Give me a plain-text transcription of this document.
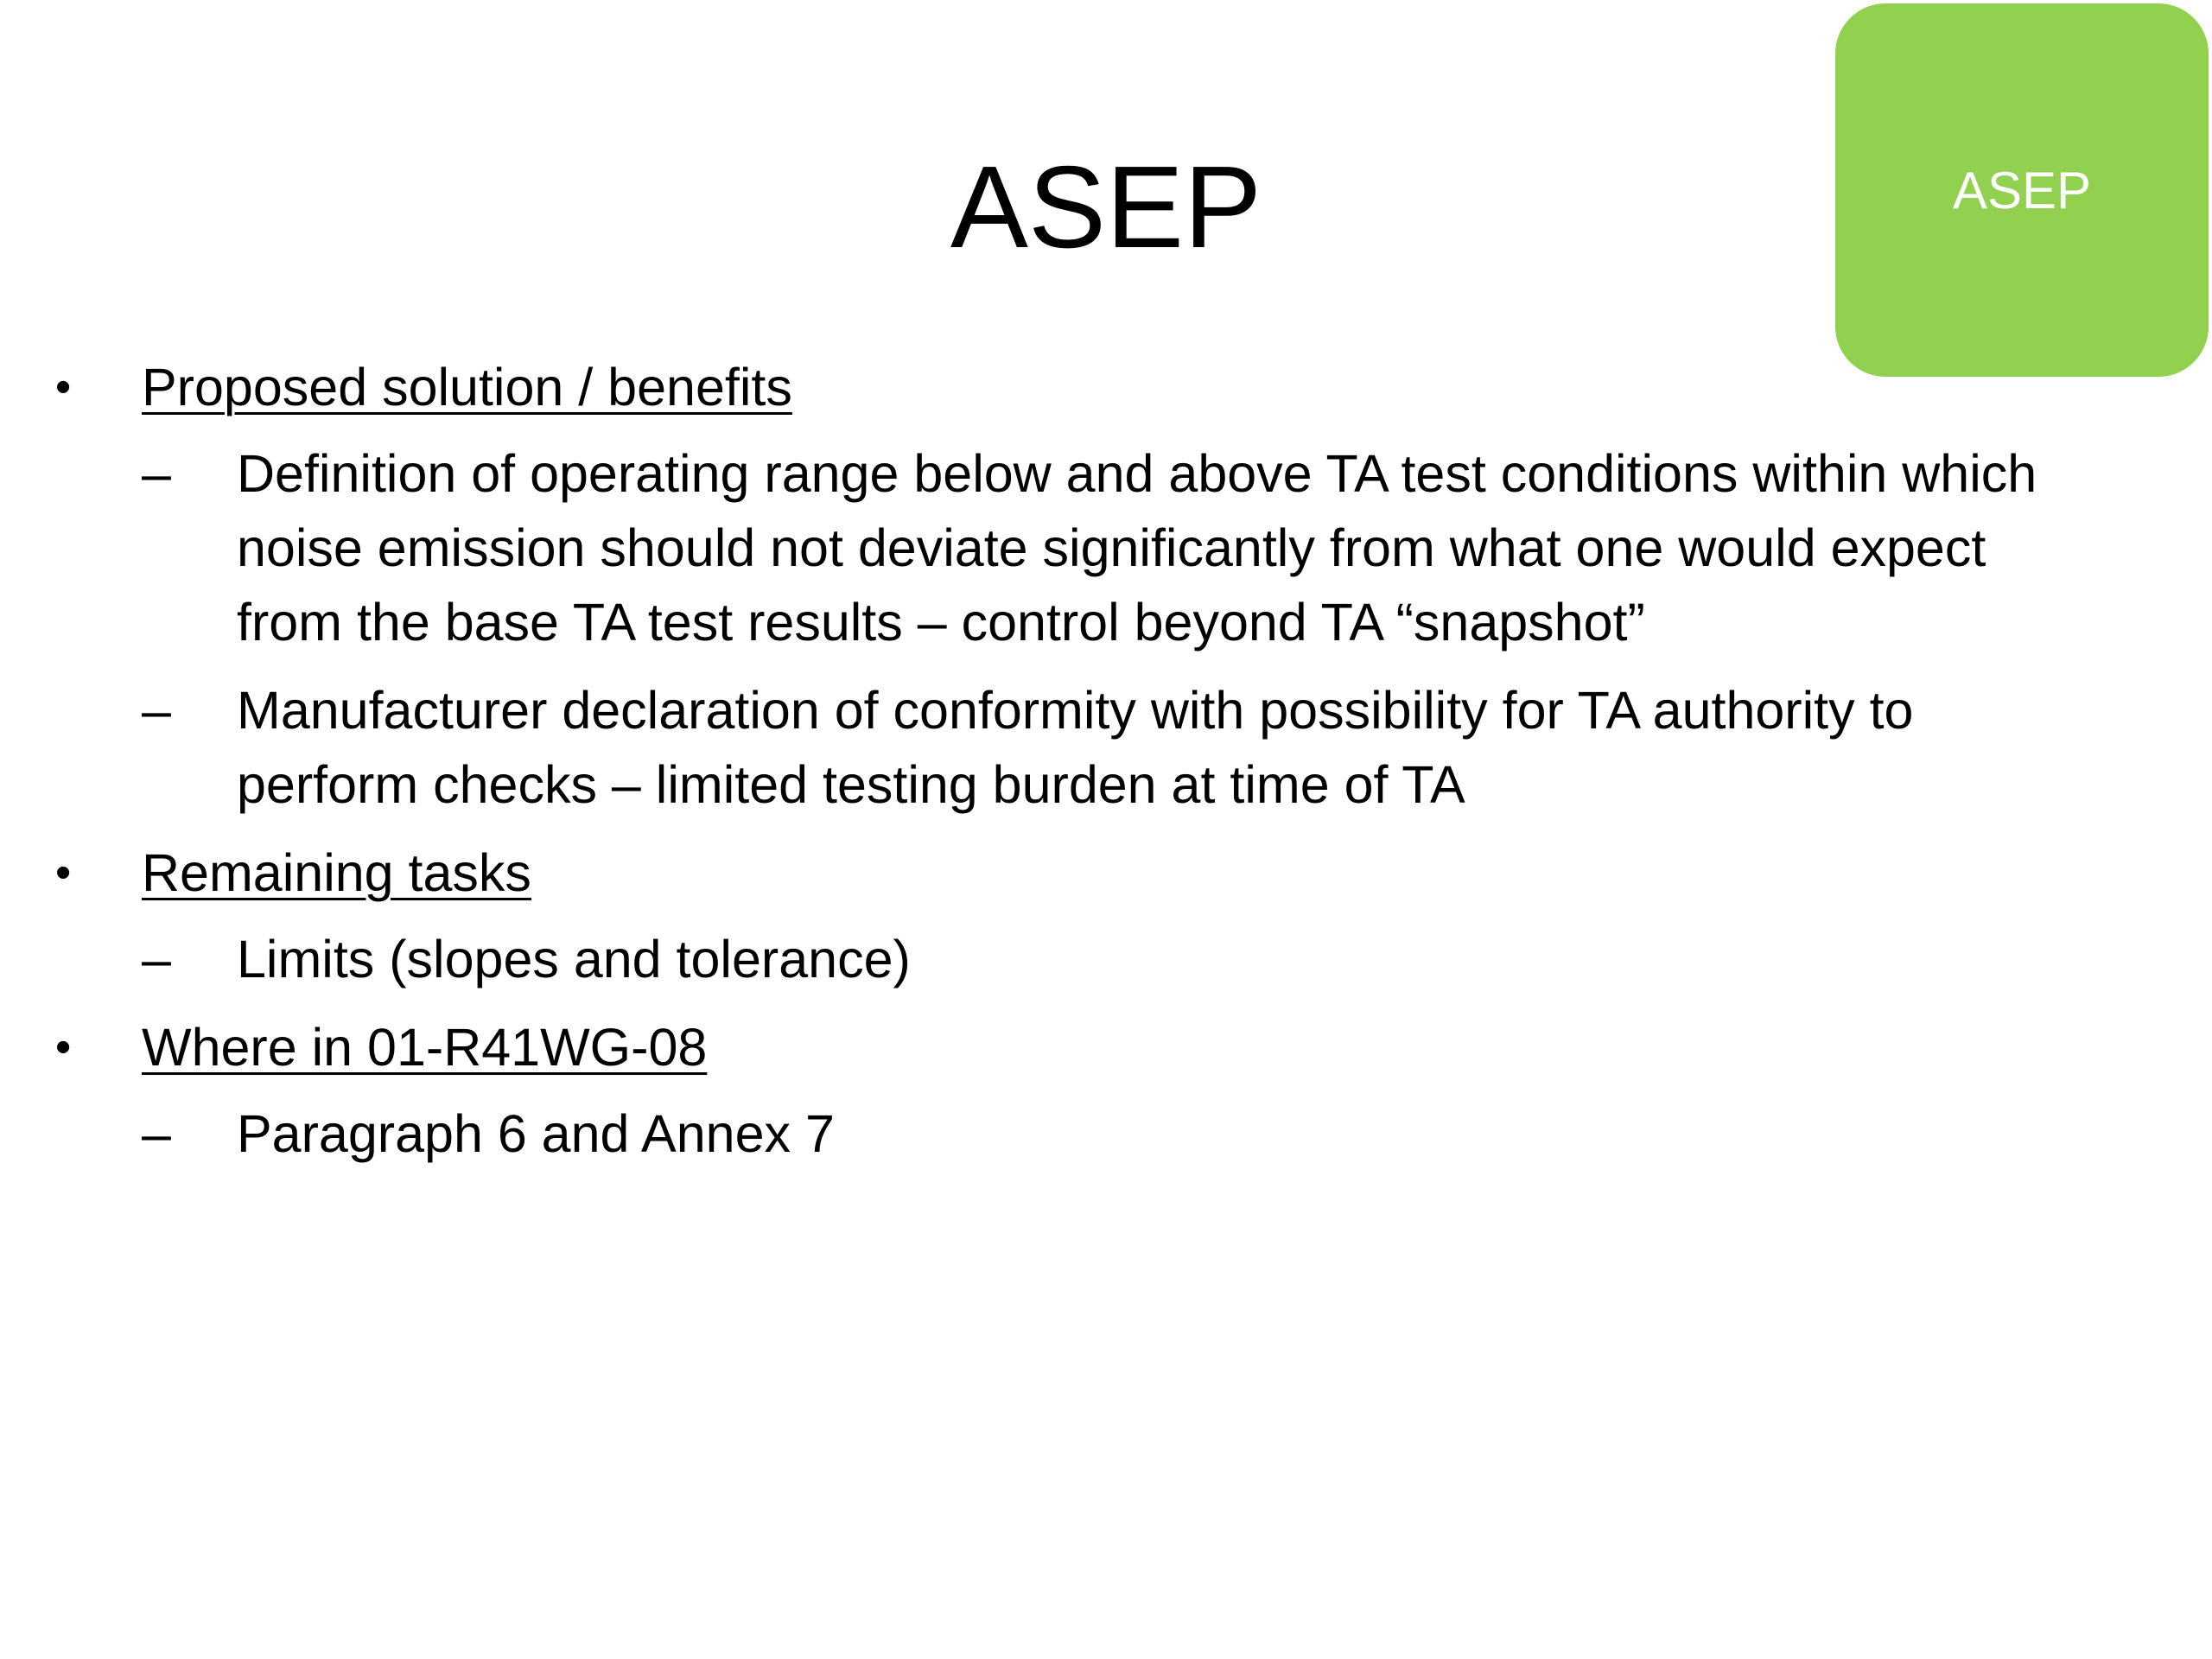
ASEP	ASEP
• Proposed solution / benefits
– Definition of operating range below and above TA test conditions within which noise emission should not deviate significantly from what one would expect from the base TA test results – control beyond TA “snapshot”
– Manufacturer declaration of conformity with possibility for TA authority to perform checks – limited testing burden at time of TA
• Remaining tasks
– Limits (slopes and tolerance)
• Where in 01-R41WG-08
– Paragraph 6 and Annex 7
